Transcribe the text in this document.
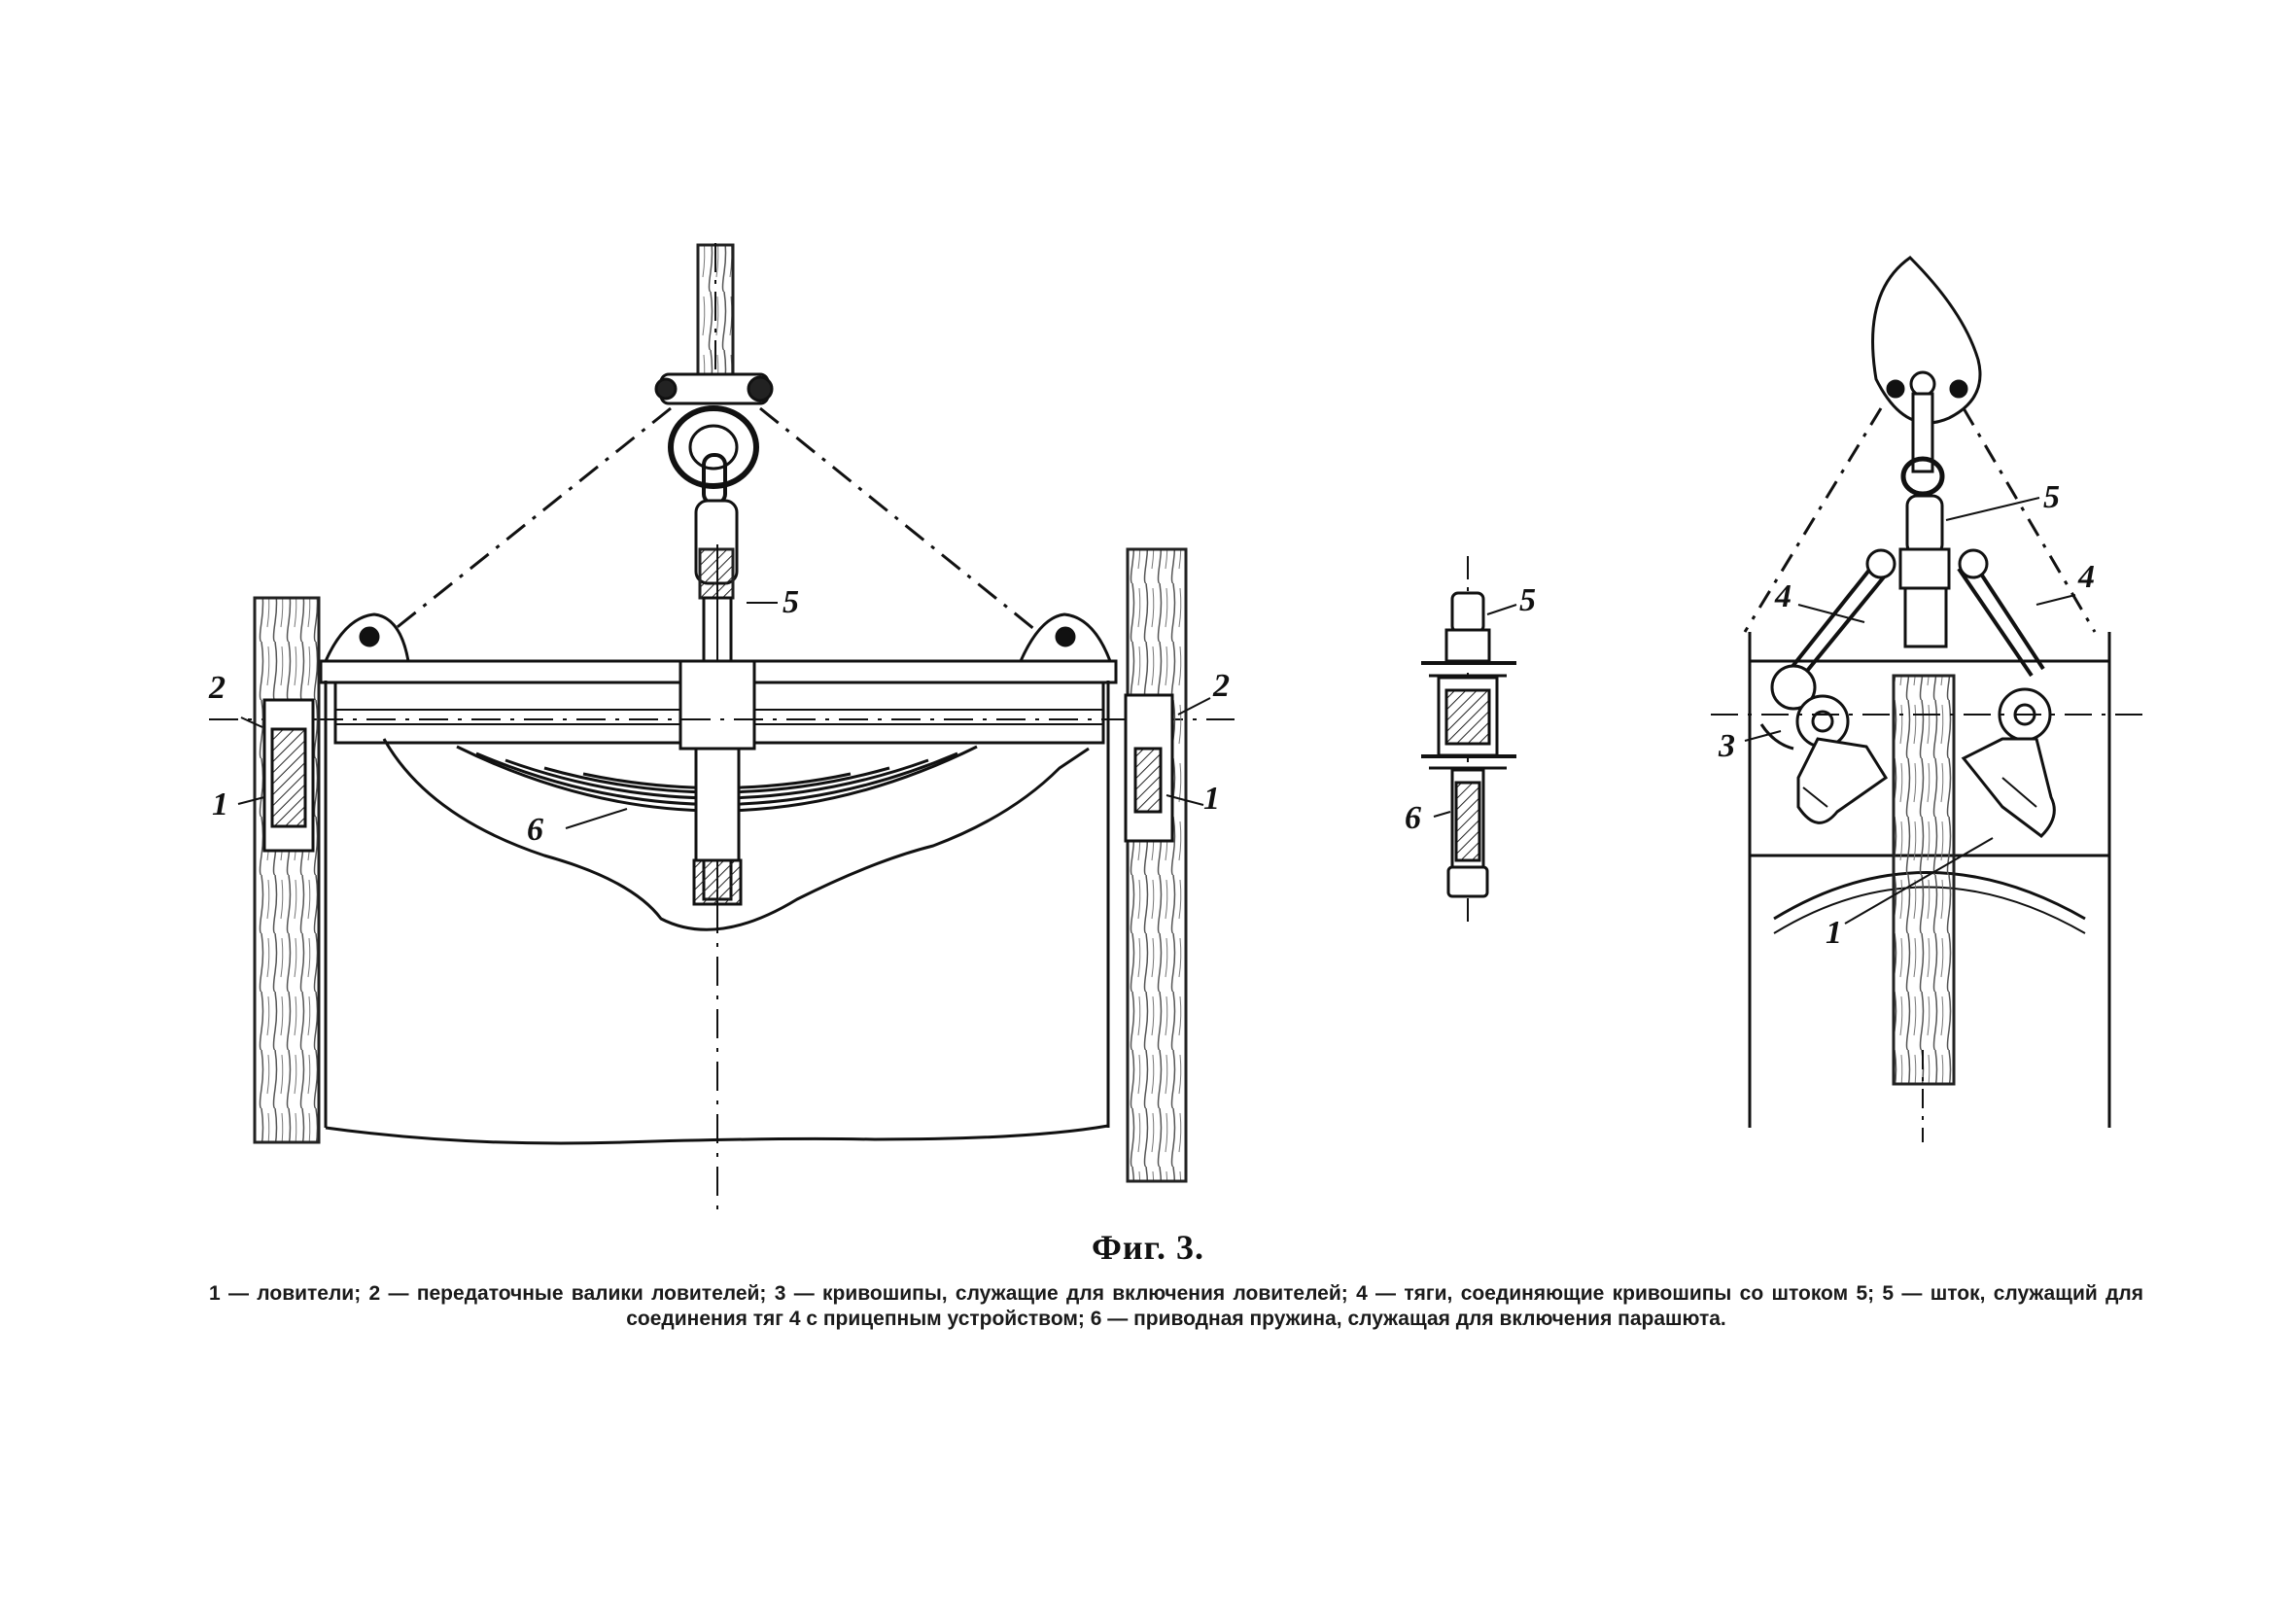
5
6
2
1
2
1
5
6
5
4
4
3
1
Фиг. 3.
1 — ловители; 2 — передаточные валики ловителей; 3 — кривошипы, служащие для включения ловителей; 4 — тяги, соединяющие кривошипы со штоком 5; 5 — шток, служащий для соединения тяг 4 с прицепным устройством; 6 — приводная пружина, служащая для включения парашюта.
